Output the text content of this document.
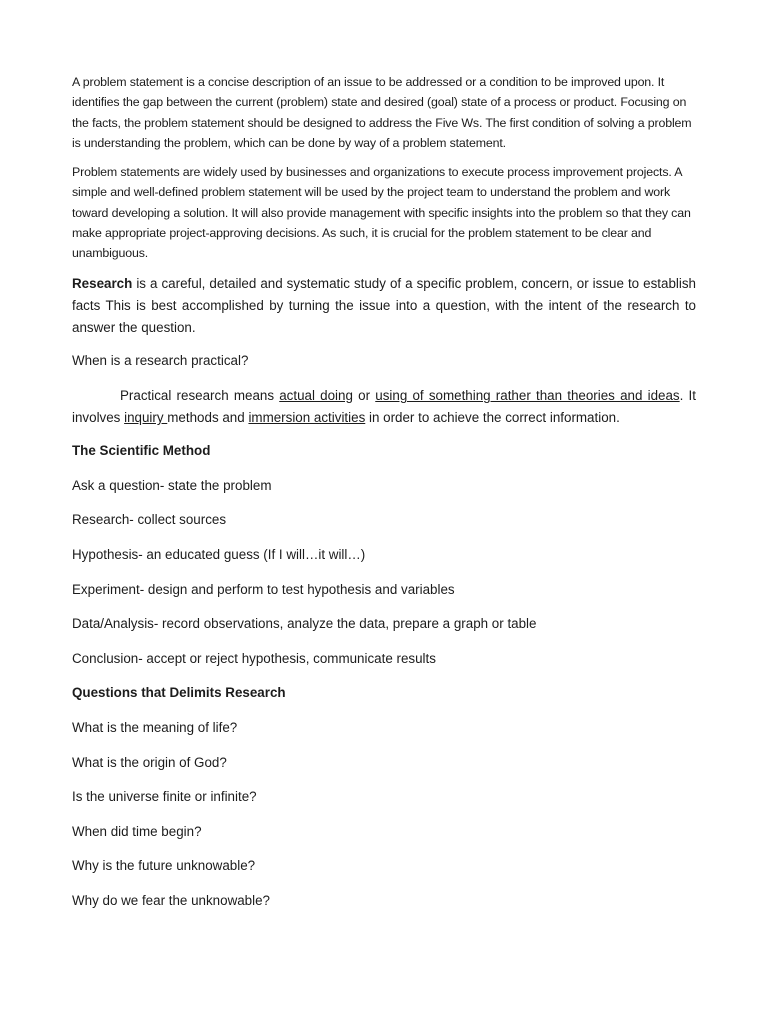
A problem statement is a concise description of an issue to be addressed or a condition to be improved upon. It identifies the gap between the current (problem) state and desired (goal) state of a process or product. Focusing on the facts, the problem statement should be designed to address the Five Ws. The first condition of solving a problem is understanding the problem, which can be done by way of a problem statement.

Problem statements are widely used by businesses and organizations to execute process improvement projects. A simple and well-defined problem statement will be used by the project team to understand the problem and work toward developing a solution. It will also provide management with specific insights into the problem so that they can make appropriate project-approving decisions. As such, it is crucial for the problem statement to be clear and unambiguous.

Research is a careful, detailed and systematic study of a specific problem, concern, or issue to establish facts This is best accomplished by turning the issue into a question, with the intent of the research to answer the question.

When is a research practical?

Practical research means actual doing or using of something rather than theories and ideas. It involves inquiry methods and immersion activities in order to achieve the correct information.

The Scientific Method

Ask a question- state the problem

Research- collect sources

Hypothesis- an educated guess (If I will…it will…)

Experiment- design and perform to test hypothesis and variables

Data/Analysis- record observations, analyze the data, prepare a graph or table

Conclusion- accept or reject hypothesis, communicate results

Questions that Delimits Research

What is the meaning of life?

What is the origin of God?

Is the universe finite or infinite?

When did time begin?

Why is the future unknowable?

Why do we fear the unknowable?
